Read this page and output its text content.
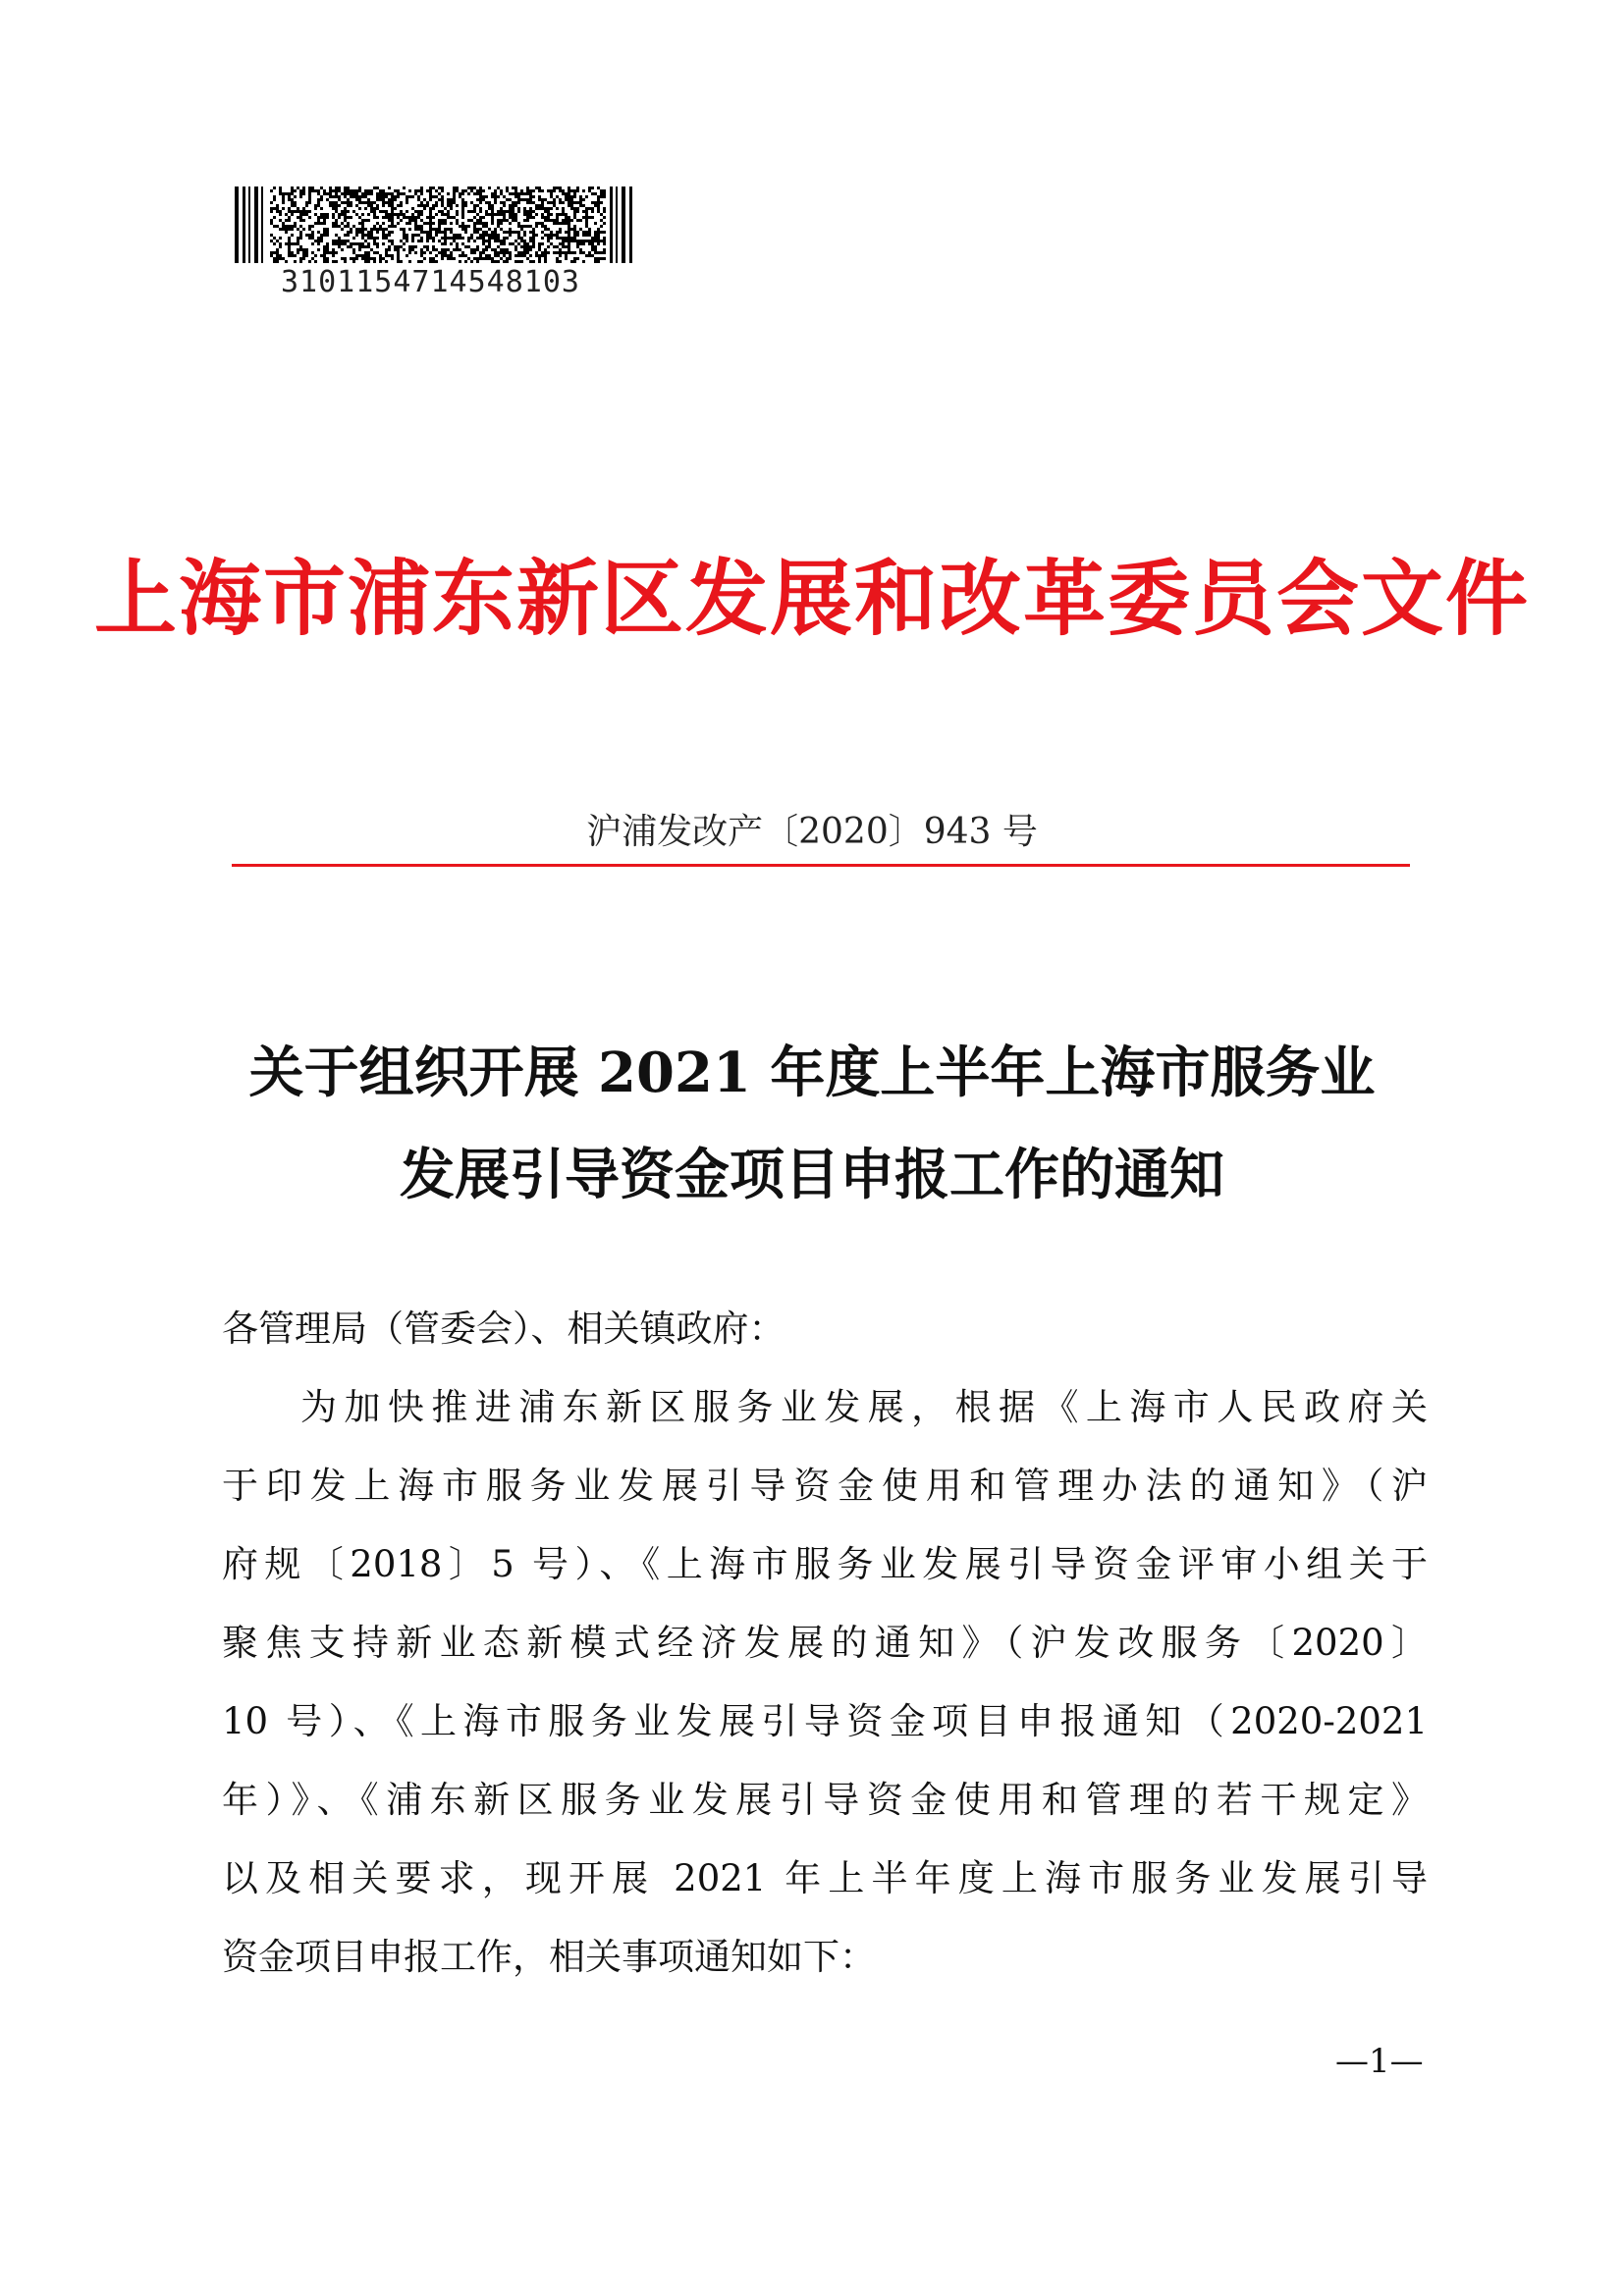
3101154714548103
上海市浦东新区发展和改革委员会文件
沪浦发改产〔2020〕943 号
关于组织开展 2021 年度上半年上海市服务业
发展引导资金项目申报工作的通知
各管理局（管委会）、相关镇政府：
为加快推进浦东新区服务业发展，根据《上海市人民政府关
于印发上海市服务业发展引导资金使用和管理办法的通知》（沪
府规〔2018〕5 号）、《上海市服务业发展引导资金评审小组关于
聚焦支持新业态新模式经济发展的通知》（沪发改服务〔2020〕
10 号）、《上海市服务业发展引导资金项目申报通知（2020-2021
年）》、《浦东新区服务业发展引导资金使用和管理的若干规定》
以及相关要求，现开展 2021 年上半年度上海市服务业发展引导
资金项目申报工作，相关事项通知如下：
—1—
